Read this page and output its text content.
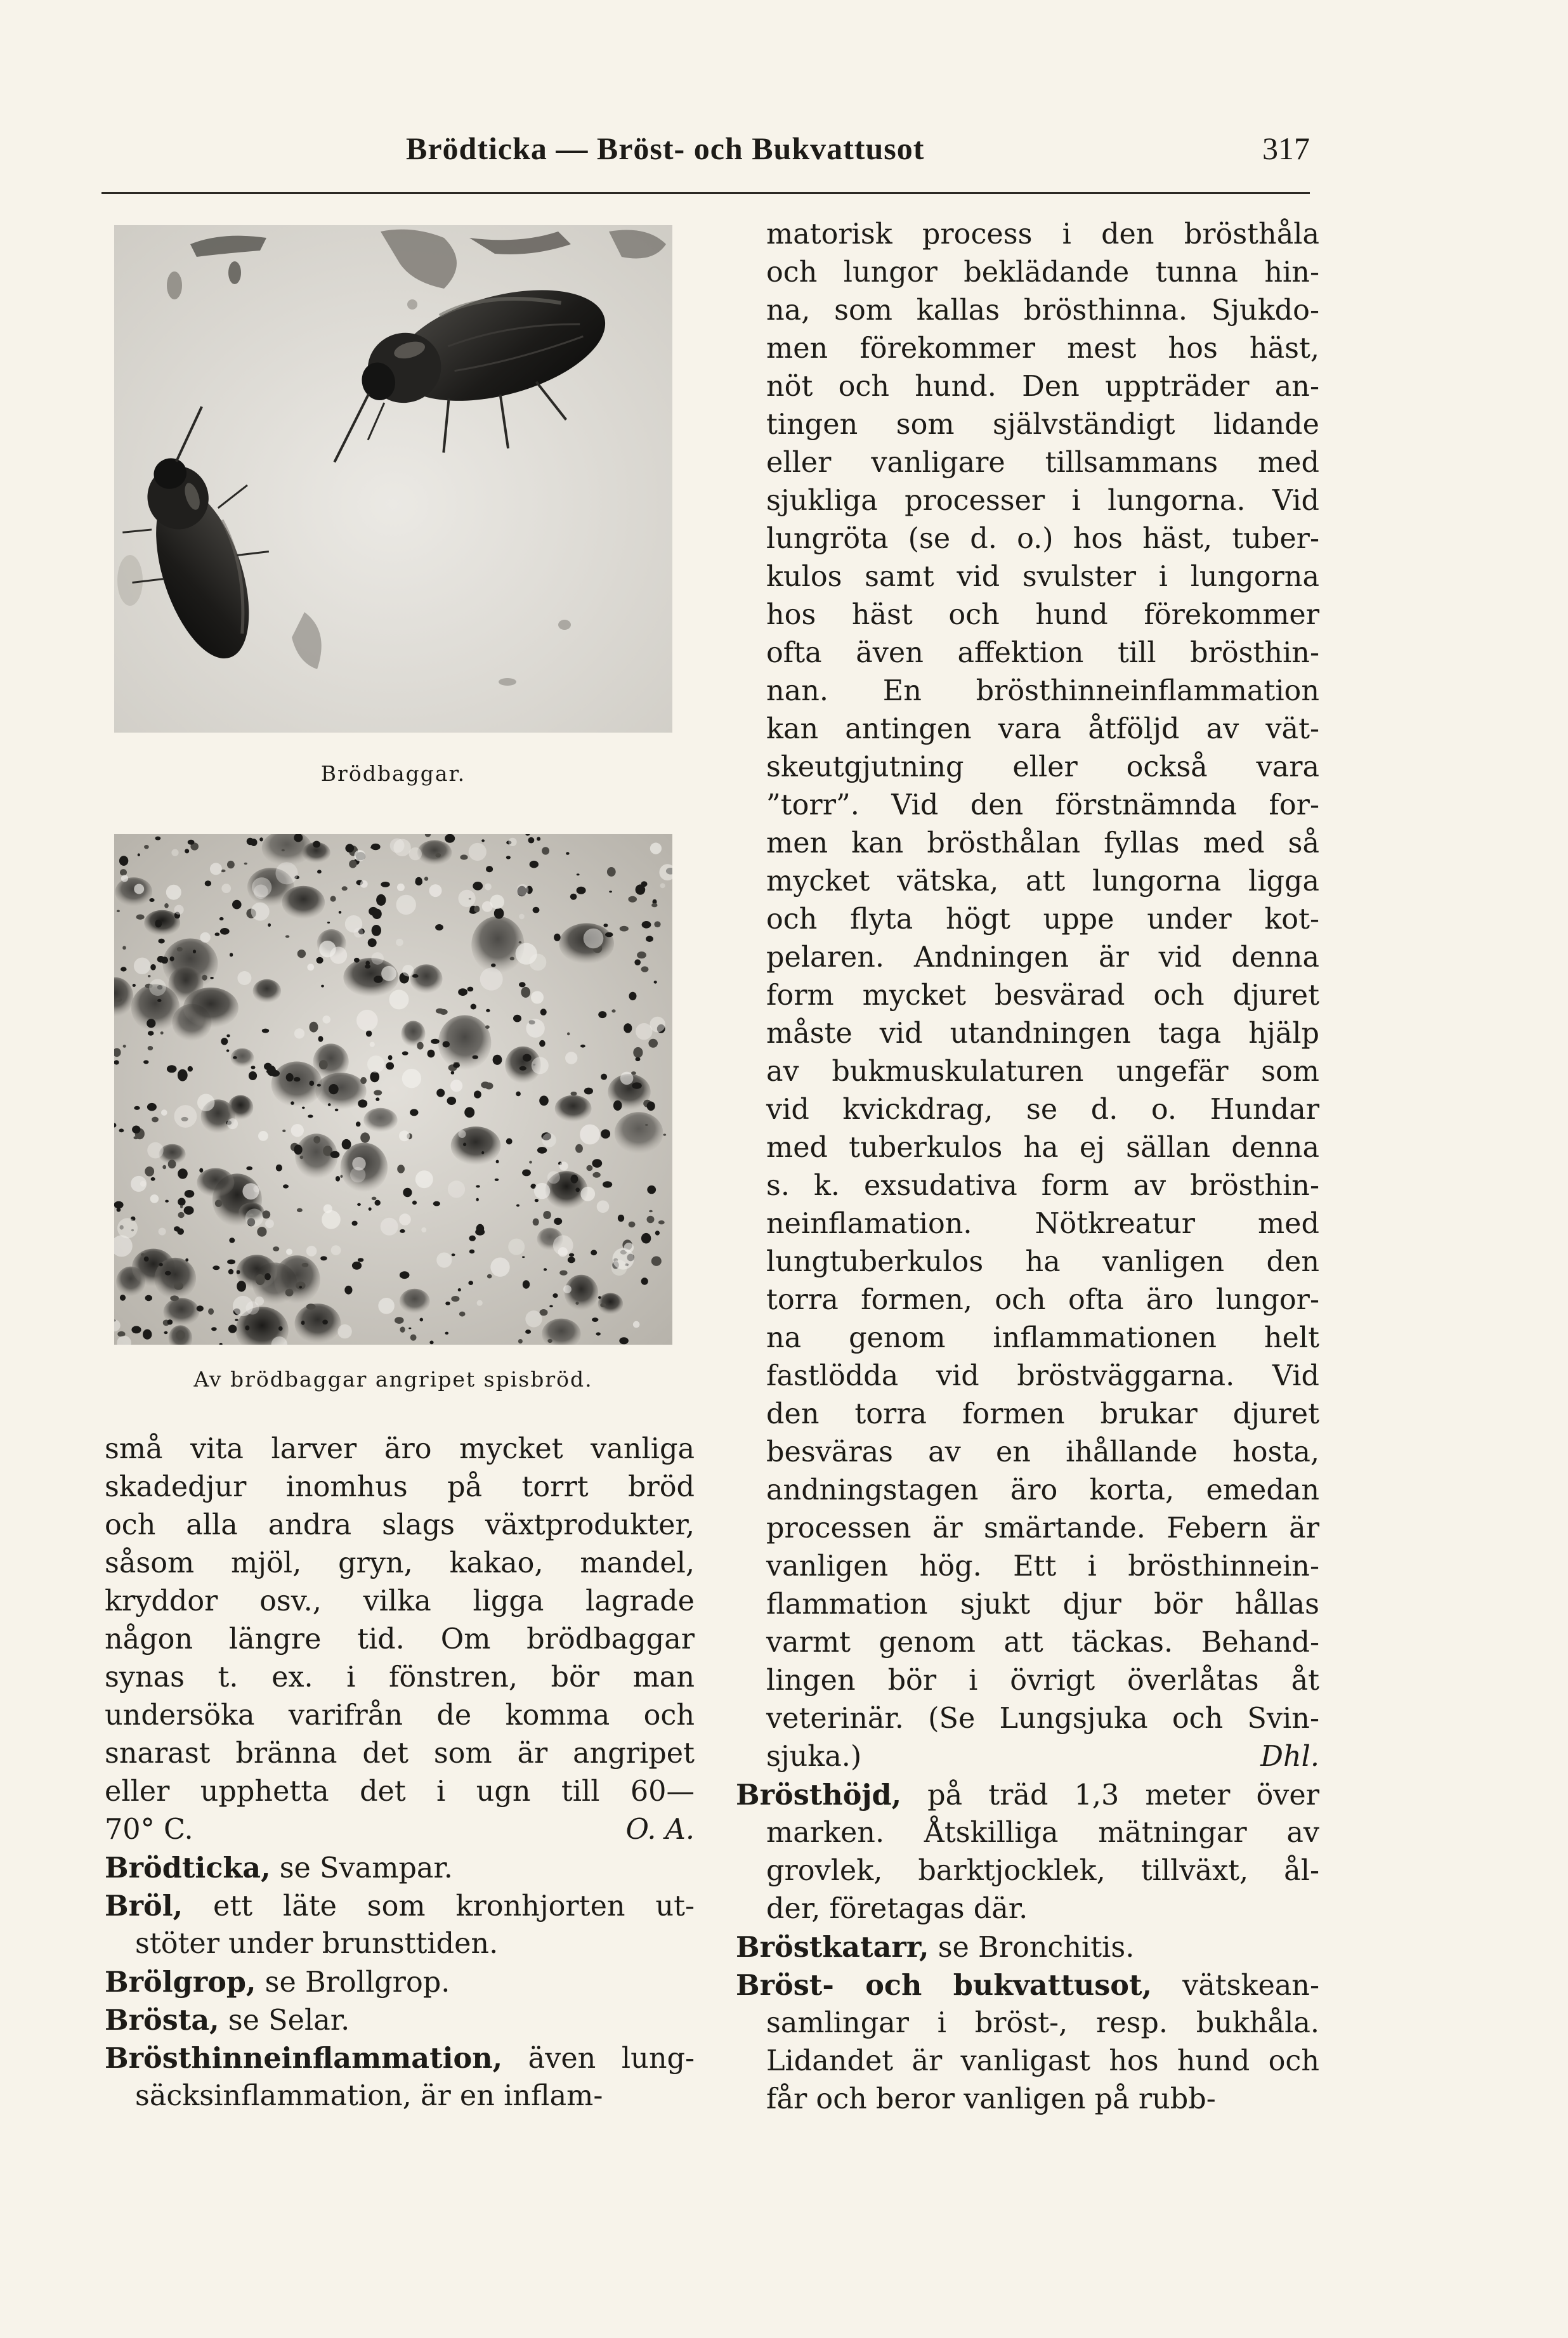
Brödticka — Bröst- och Bukvattusot	317
Brödbaggar.
Av brödbaggar angripet spisbröd.
små vita larver äro mycket vanliga
skadedjur inomhus på torrt bröd
och alla andra slags växtprodukter,
såsom mjöl, gryn, kakao, mandel,
kryddor osv., vilka ligga lagrade
någon längre tid. Om brödbaggar
synas t. ex. i fönstren, bör man
undersöka varifrån de komma och
snarast bränna det som är angripet
eller upphetta det i ugn till 60—
70° C.	O. A.
Brödticka, se Svampar.
Bröl, ett läte som kronhjorten ut-
stöter under brunsttiden.
Brölgrop, se Brollgrop.
Brösta, se Selar.
Brösthinneinflammation, även lung-
säcksinflammation, är en inflam-
matorisk process i den brösthåla
och lungor beklädande tunna hin-
na, som kallas brösthinna. Sjukdo-
men förekommer mest hos häst,
nöt och hund. Den uppträder an-
tingen som självständigt lidande
eller vanligare tillsammans med
sjukliga processer i lungorna. Vid
lungröta (se d. o.) hos häst, tuber-
kulos samt vid svulster i lungorna
hos häst och hund förekommer
ofta även affektion till brösthin-
nan. En brösthinneinflammation
kan antingen vara åtföljd av vät-
skeutgjutning eller också vara
”torr”. Vid den förstnämnda for-
men kan brösthålan fyllas med så
mycket vätska, att lungorna ligga
och flyta högt uppe under kot-
pelaren. Andningen är vid denna
form mycket besvärad och djuret
måste vid utandningen taga hjälp
av bukmuskulaturen ungefär som
vid kvickdrag, se d. o. Hundar
med tuberkulos ha ej sällan denna
s. k. exsudativa form av brösthin-
neinflamation. Nötkreatur med
lungtuberkulos ha vanligen den
torra formen, och ofta äro lungor-
na genom inflammationen helt
fastlödda vid bröstväggarna. Vid
den torra formen brukar djuret
besväras av en ihållande hosta,
andningstagen äro korta, emedan
processen är smärtande. Febern är
vanligen hög. Ett i brösthinnein-
flammation sjukt djur bör hållas
varmt genom att täckas. Behand-
lingen bör i övrigt överlåtas åt
veterinär. (Se Lungsjuka och Svin-
sjuka.)	Dhl.
Brösthöjd, på träd 1,3 meter över
marken. Åtskilliga mätningar av
grovlek, barktjocklek, tillväxt, ål-
der, företagas där.
Bröstkatarr, se Bronchitis.
Bröst- och bukvattusot, vätskean-
samlingar i bröst-, resp. bukhåla.
Lidandet är vanligast hos hund och
får och beror vanligen på rubb-
